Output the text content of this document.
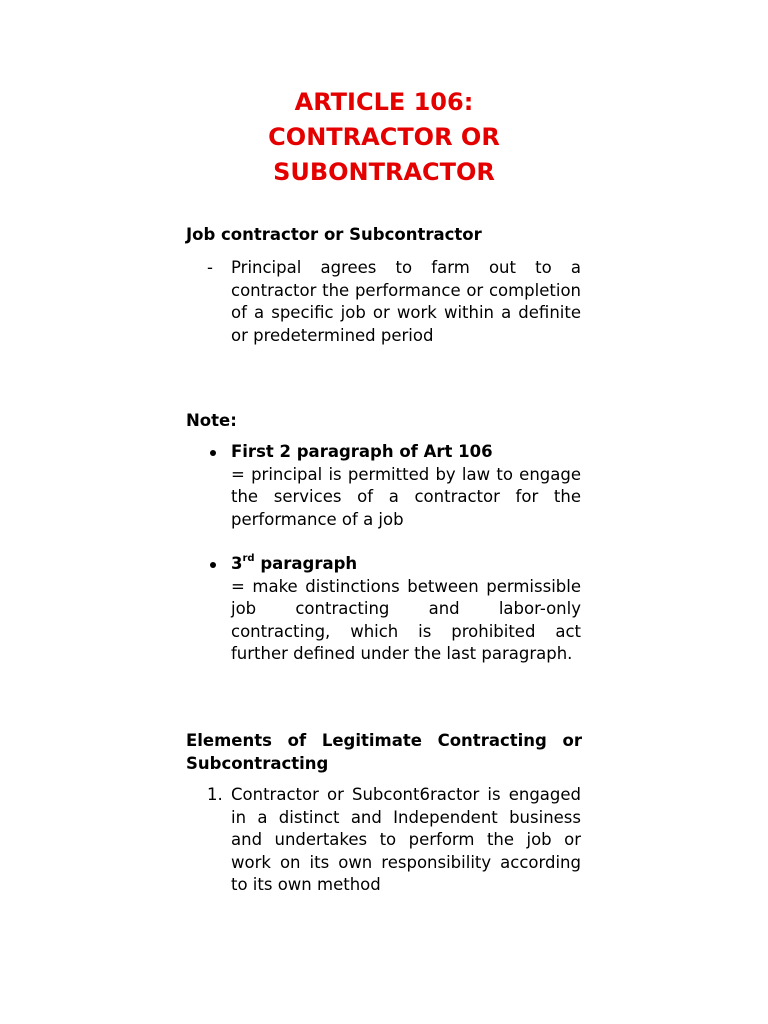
ARTICLE 106:
CONTRACTOR OR
SUBONTRACTOR

Job contractor or Subcontractor

- Principal agrees to farm out to a contractor the performance or completion of a specific job or work within a definite or predetermined period

Note:

First 2 paragraph of Art 106
= principal is permitted by law to engage the services of a contractor for the performance of a job
3rd paragraph
= make distinctions between permissible job contracting and labor-only contracting, which is prohibited act further defined under the last paragraph.

Elements of Legitimate Contracting or Subcontracting

1. Contractor or Subcont6ractor is engaged in a distinct and Independent business and undertakes to perform the job or work on its own responsibility according to its own method
